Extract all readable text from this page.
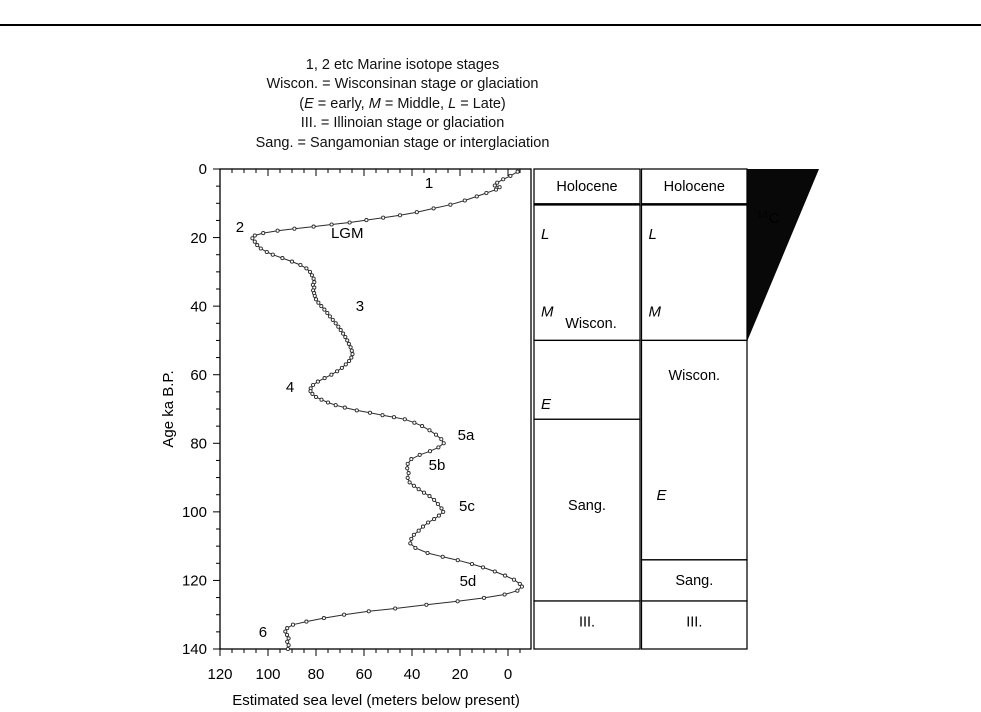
1, 2 etc Marine isotope stages
Wiscon. = Wisconsinan stage or glaciation
(E = early, M = Middle, L = Late)
III. = Illinoian stage or glaciation
Sang. = Sangamonian stage or interglaciation
Estimated sea level (meters below present)
Age ka B.P.
120 100 80 60 40 20 0
0
20
40
60
80
100
120
140
1
2	LGM
3
4
5a
5b
5c
5d
6
Holocene
L
M
Wiscon.
E
Sang.
III.
Holocene
L
M
Wiscon.
E
Sang.
III.
$^{14}$C
